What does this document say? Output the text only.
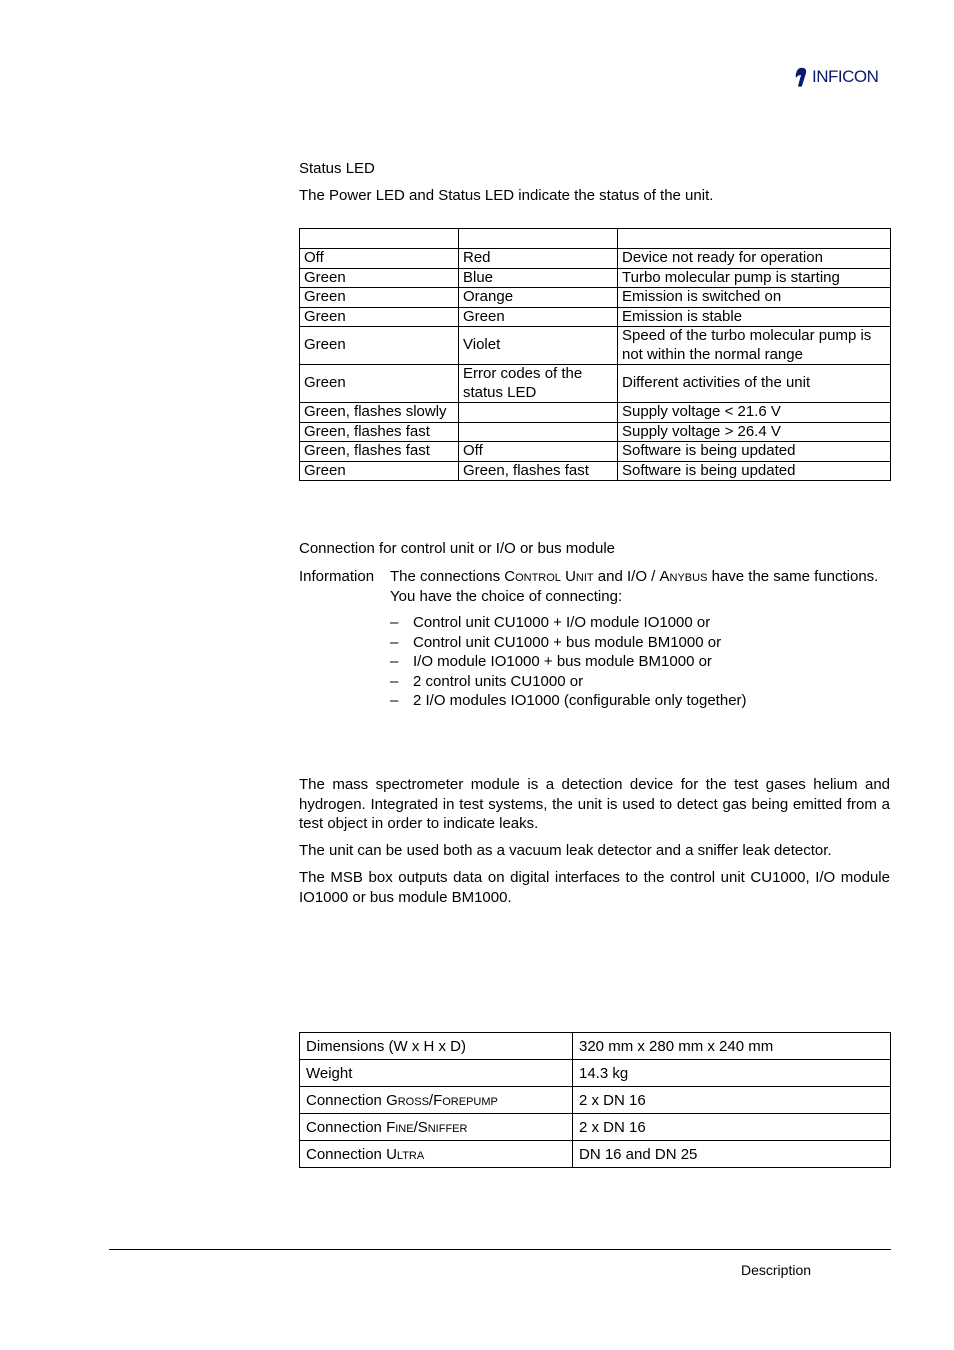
INFICON
Status LED
The Power LED and Status LED indicate the status of the unit.

Off	Red	Device not ready for operation
Green	Blue	Turbo molecular pump is starting
Green	Orange	Emission is switched on
Green	Green	Emission is stable
Green	Violet	Speed of the turbo molecular pump is not within the normal range
Green	Error codes of the status LED	Different activities of the unit
Green, flashes slowly		Supply voltage < 21.6 V
Green, flashes fast		Supply voltage > 26.4 V
Green, flashes fast	Off	Software is being updated
Green	Green, flashes fast	Software is being updated
Connection for control unit or I/O or bus module
Information The connections Control Unit and I/O / Anybus have the same functions. You have the choice of connecting:
– Control unit CU1000 + I/O module IO1000 or
– Control unit CU1000 + bus module BM1000 or
– I/O module IO1000 + bus module BM1000 or
– 2 control units CU1000 or
– 2 I/O modules IO1000 (configurable only together)
The mass spectrometer module is a detection device for the test gases helium and hydrogen. Integrated in test systems, the unit is used to detect gas being emitted from a test object in order to indicate leaks.
The unit can be used both as a vacuum leak detector and a sniffer leak detector.
The MSB box outputs data on digital interfaces to the control unit CU1000, I/O module IO1000 or bus module BM1000.
Dimensions (W x H x D)	320 mm x 280 mm x 240 mm
Weight	14.3 kg
Connection Gross/Forepump	2 x DN 16
Connection Fine/Sniffer	2 x DN 16
Connection Ultra	DN 16 and DN 25
Description
